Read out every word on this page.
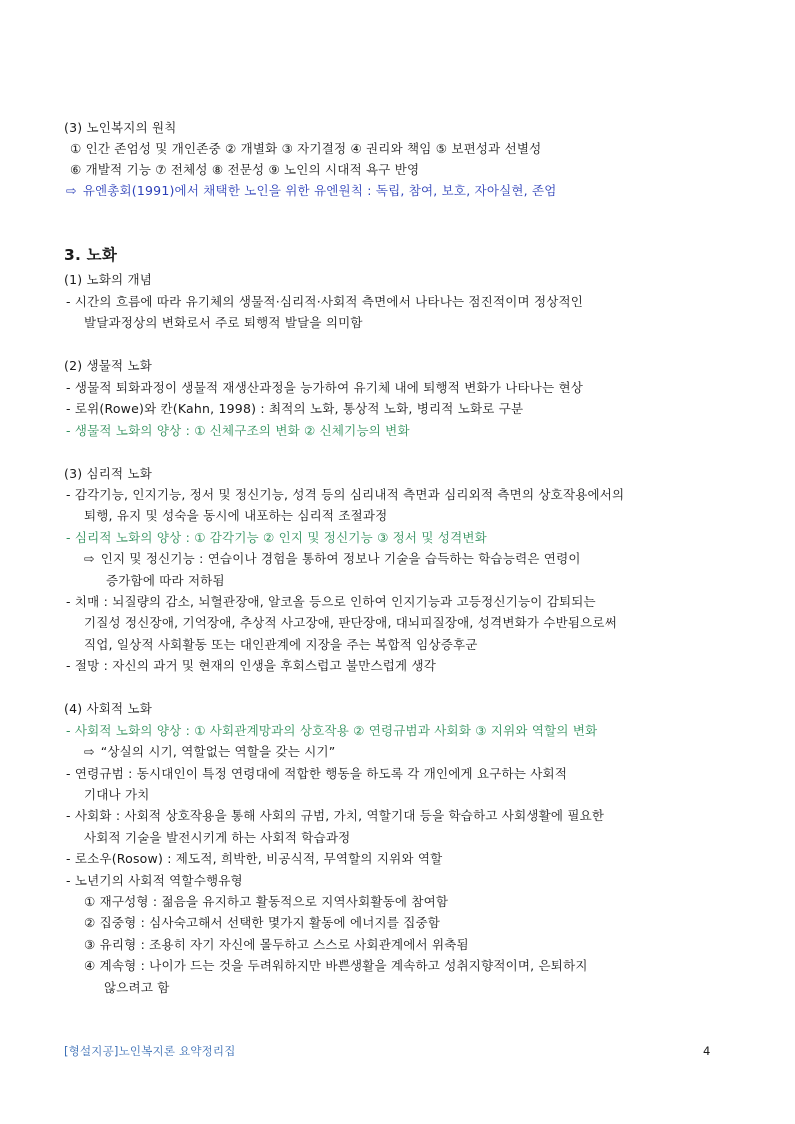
(3) 노인복지의 원칙
① 인간 존엄성 및 개인존중 ② 개별화 ③ 자기결정 ④ 권리와 책임 ⑤ 보편성과 선별성
⑥ 개발적 기능 ⑦ 전체성 ⑧ 전문성 ⑨ 노인의 시대적 욕구 반영
⇨ 유엔총회(1991)에서 채택한 노인을 위한 유엔원칙 : 독립, 참여, 보호, 자아실현, 존엄
3. 노화
(1) 노화의 개념
- 시간의 흐름에 따라 유기체의 생물적·심리적·사회적 측면에서 나타나는 점진적이며 정상적인
발달과정상의 변화로서 주로 퇴행적 발달을 의미함
(2) 생물적 노화
- 생물적 퇴화과정이 생물적 재생산과정을 능가하여 유기체 내에 퇴행적 변화가 나타나는 현상
- 로위(Rowe)와 칸(Kahn, 1998) : 최적의 노화, 통상적 노화, 병리적 노화로 구분
- 생물적 노화의 양상 : ① 신체구조의 변화 ② 신체기능의 변화
(3) 심리적 노화
- 감각기능, 인지기능, 정서 및 정신기능, 성격 등의 심리내적 측면과 심리외적 측면의 상호작용에서의
퇴행, 유지 및 성숙을 동시에 내포하는 심리적 조절과정
- 심리적 노화의 양상 : ① 감각기능 ② 인지 및 정신기능 ③ 정서 및 성격변화
⇨ 인지 및 정신기능 : 연습이나 경험을 통하여 정보나 기술을 습득하는 학습능력은 연령이
증가함에 따라 저하됨
- 치매 : 뇌질량의 감소, 뇌혈관장애, 알코올 등으로 인하여 인지기능과 고등정신기능이 감퇴되는
기질성 정신장애, 기억장애, 추상적 사고장애, 판단장애, 대뇌피질장애, 성격변화가 수반됨으로써
직업, 일상적 사회활동 또는 대인관계에 지장을 주는 복합적 임상증후군
- 절망 : 자신의 과거 및 현재의 인생을 후회스럽고 불만스럽게 생각
(4) 사회적 노화
- 사회적 노화의 양상 : ① 사회관계망과의 상호작용 ② 연령규범과 사회화 ③ 지위와 역할의 변화
⇨ “상실의 시기, 역할없는 역할을 갖는 시기”
- 연령규범 : 동시대인이 특정 연령대에 적합한 행동을 하도록 각 개인에게 요구하는 사회적
기대나 가치
- 사회화 : 사회적 상호작용을 통해 사회의 규범, 가치, 역할기대 등을 학습하고 사회생활에 필요한
사회적 기술을 발전시키게 하는 사회적 학습과정
- 로소우(Rosow) : 제도적, 희박한, 비공식적, 무역할의 지위와 역할
- 노년기의 사회적 역할수행유형
① 재구성형 : 젊음을 유지하고 활동적으로 지역사회활동에 참여함
② 집중형 : 심사숙고해서 선택한 몇가지 활동에 에너지를 집중함
③ 유리형 : 조용히 자기 자신에 몰두하고 스스로 사회관계에서 위축됨
④ 계속형 : 나이가 드는 것을 두려워하지만 바쁜생활을 계속하고 성취지향적이며, 은퇴하지
않으려고 함
[형설지공]노인복지론 요약정리집	4
